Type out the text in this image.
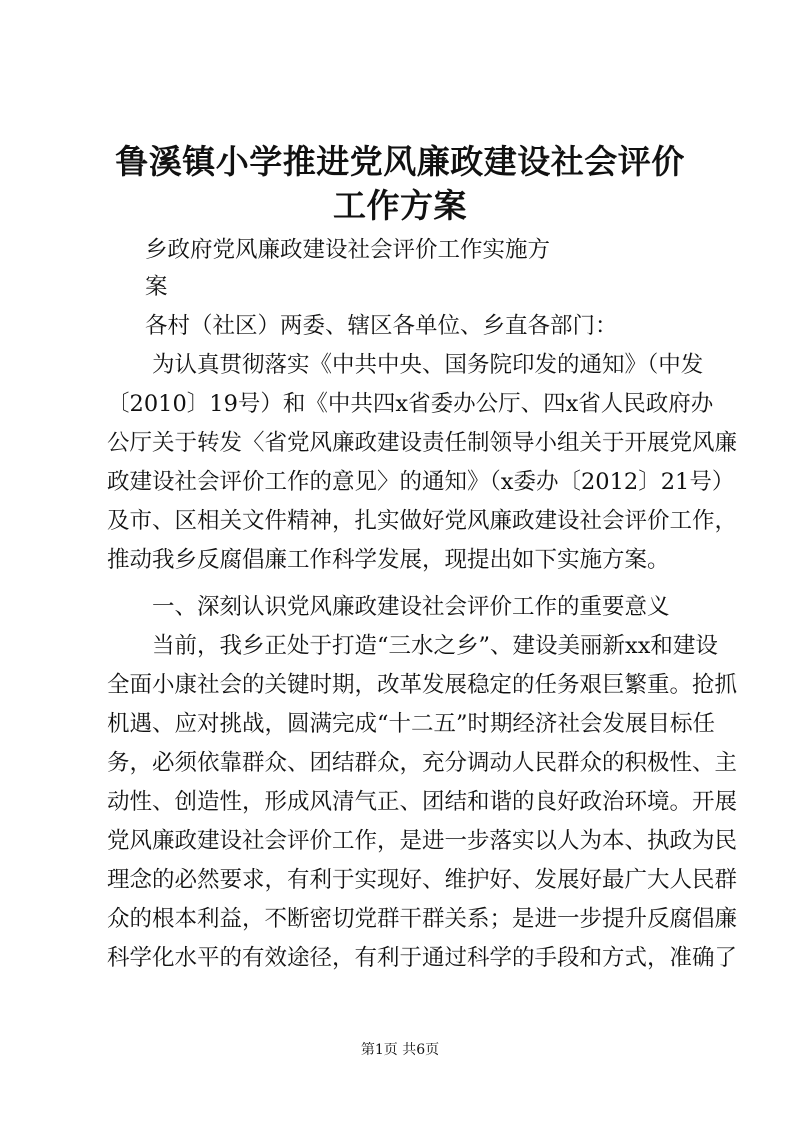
鲁溪镇小学推进党风廉政建设社会评价工作方案

乡政府党风廉政建设社会评价工作实施方

案

各村（社区）两委、辖区各单位、乡直各部门：

为认真贯彻落实《中共中央、国务院印发的通知》（中发

〔2010〕19号）和《中共四x省委办公厅、四x省人民政府办

公厅关于转发〈省党风廉政建设责任制领导小组关于开展党风廉

政建设社会评价工作的意见〉的通知》（x委办〔2012〕21号）

及市、区相关文件精神，扎实做好党风廉政建设社会评价工作，

推动我乡反腐倡廉工作科学发展，现提出如下实施方案。

一、深刻认识党风廉政建设社会评价工作的重要意义

当前，我乡正处于打造“三水之乡”、建设美丽新xx和建设

全面小康社会的关键时期，改革发展稳定的任务艰巨繁重。抢抓

机遇、应对挑战，圆满完成“十二五”时期经济社会发展目标任

务，必须依靠群众、团结群众，充分调动人民群众的积极性、主

动性、创造性，形成风清气正、团结和谐的良好政治环境。开展

党风廉政建设社会评价工作，是进一步落实以人为本、执政为民

理念的必然要求，有利于实现好、维护好、发展好最广大人民群

众的根本利益，不断密切党群干群关系；是进一步提升反腐倡廉

科学化水平的有效途径，有利于通过科学的手段和方式，准确了

第1页 共6页
